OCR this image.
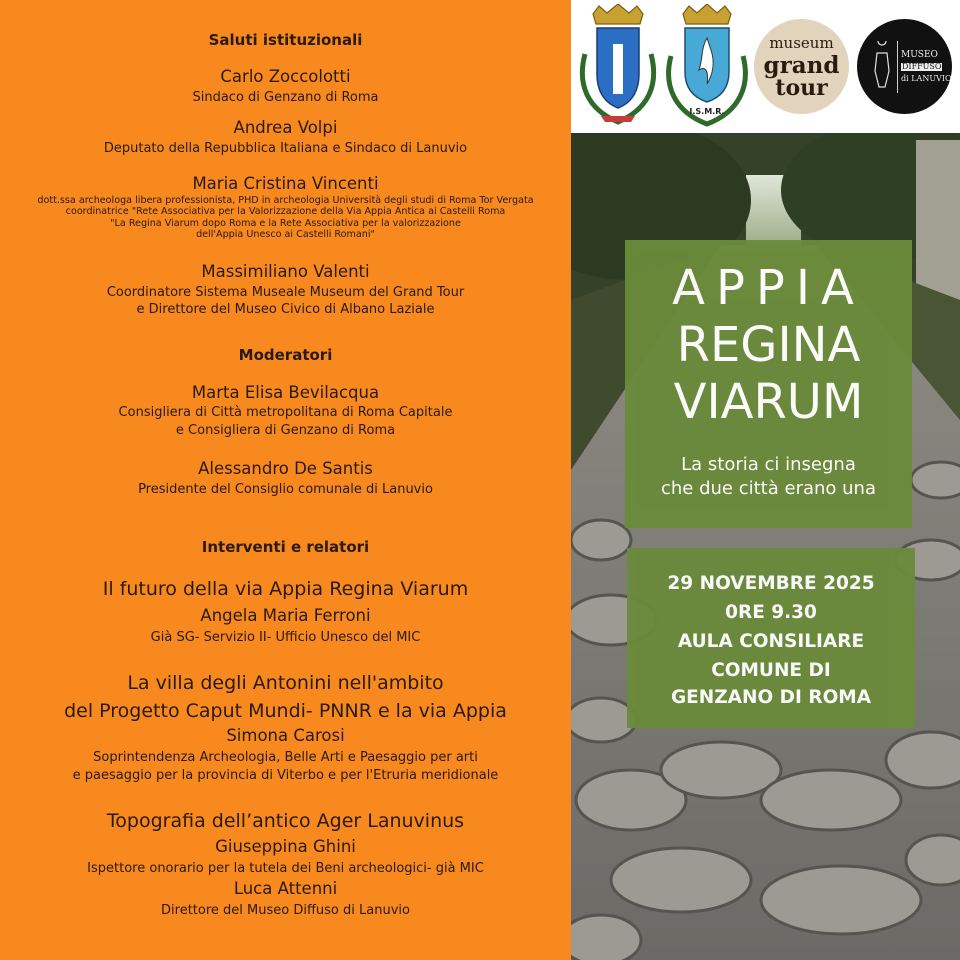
Saluti istituzionali
Carlo Zoccolotti
Sindaco di Genzano di Roma
Andrea Volpi
Deputato della Repubblica Italiana e Sindaco di Lanuvio
Maria Cristina Vincenti
dott.ssa archeologa libera professionista, PHD in archeologia Università degli studi di Roma Tor Vergata
coordinatrice "Rete Associativa per la Valorizzazione della Via Appia Antica ai Castelli Roma
"La Regina Viarum dopo Roma e la Rete Associativa per la valorizzazione
dell'Appia Unesco ai Castelli Romani"
Massimiliano Valenti
Coordinatore Sistema Museale Museum del Grand Tour
e Direttore del Museo Civico di Albano Laziale
Moderatori
Marta Elisa Bevilacqua
Consigliera di Città metropolitana di Roma Capitale
e Consigliera di Genzano di Roma
Alessandro De Santis
Presidente del Consiglio comunale di Lanuvio
Interventi e relatori
Il futuro della via Appia Regina Viarum
Angela Maria Ferroni
Già SG- Servizio II- Ufficio Unesco del MIC
La villa degli Antonini nell'ambito
del Progetto Caput Mundi- PNNR e la via Appia
Simona Carosi
Soprintendenza Archeologia, Belle Arti e Paesaggio per arti
e paesaggio per la provincia di Viterbo e per l'Etruria meridionale
Topografia dell’antico Ager Lanuvinus
Giuseppina Ghini
Ispettore onorario per la tutela dei Beni archeologici- già MIC
Luca Attenni
Direttore del Museo Diffuso di Lanuvio
I.S.M.R.
museum
grand
tour
MUSEO
DIFFUSO
di LANUVIO
APPIA
REGINA
VIARUM
La storia ci insegna
che due città erano una
29 NOVEMBRE 2025
0RE 9.30
AULA CONSILIARE
COMUNE DI
GENZANO DI ROMA
